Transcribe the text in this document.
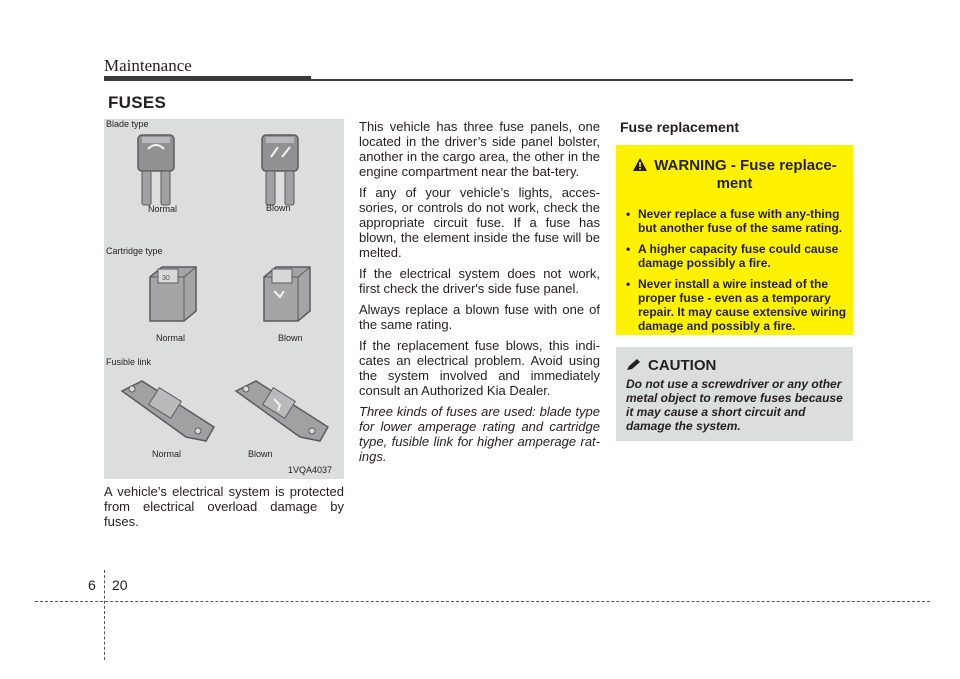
Maintenance
FUSES
Blade type
Normal	Blown
Cartridge type
30
Normal	Blown
Fusible link
Normal	Blown
1VQA4037
A vehicle’s electrical system is protected from electrical overload damage by fuses.

This vehicle has three fuse panels, one located in the driver’s side panel bolster, another in the cargo area, the other in the engine compartment near the bat-tery.

If any of your vehicle’s lights, acces-sories, or controls do not work, check the appropriate circuit fuse. If a fuse has blown, the element inside the fuse will be melted.

If the electrical system does not work, first check the driver's side fuse panel.

Always replace a blown fuse with one of the same rating.

If the replacement fuse blows, this indi-cates an electrical problem. Avoid using the system involved and immediately consult an Authorized Kia Dealer.

Three kinds of fuses are used: blade type for lower amperage rating and cartridge type, fusible link for higher amperage rat-ings.

Fuse replacement
WARNING - Fuse replace-
ment
• Never replace a fuse with any-thing but another fuse of the same rating.
• A higher capacity fuse could cause damage possibly a fire.
• Never install a wire instead of the proper fuse - even as a temporary repair. It may cause extensive wiring damage and possibly a fire.
CAUTION
Do not use a screwdriver or any other metal object to remove fuses because it may cause a short circuit and damage the system.
6 20
